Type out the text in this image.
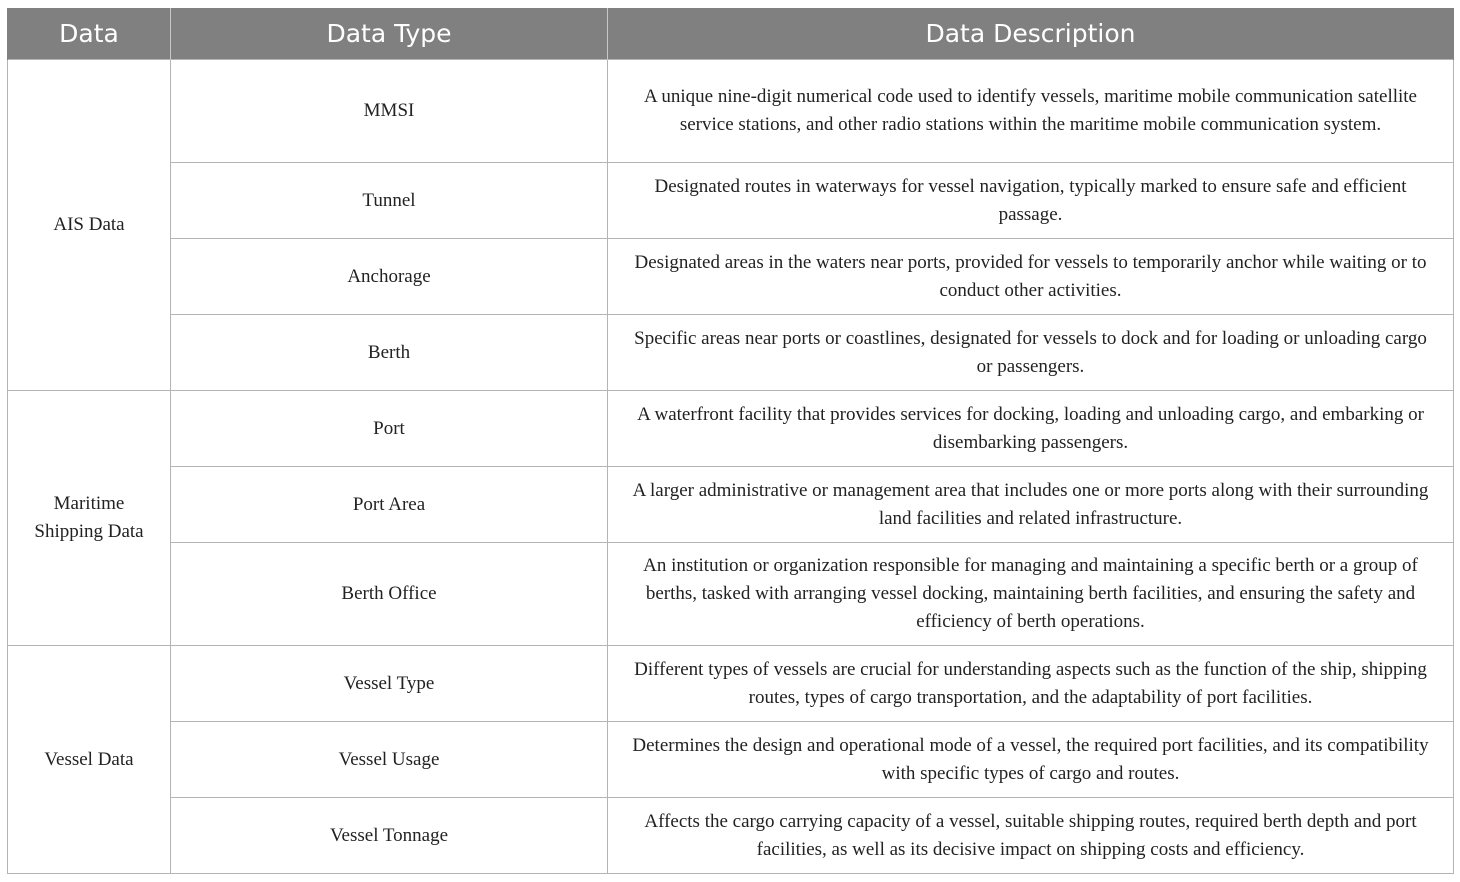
Data	Data Type	Data Description
AIS Data	MMSI	A unique nine-digit numerical code used to identify vessels, maritime mobile communication satellite service stations, and other radio stations within the maritime mobile communication system.
	Tunnel	Designated routes in waterways for vessel navigation, typically marked to ensure safe and efficient passage.
	Anchorage	Designated areas in the waters near ports, provided for vessels to temporarily anchor while waiting or to conduct other activities.
	Berth	Specific areas near ports or coastlines, designated for vessels to dock and for loading or unloading cargo or passengers.
Maritime Shipping Data	Port	A waterfront facility that provides services for docking, loading and unloading cargo, and embarking or disembarking passengers.
	Port Area	A larger administrative or management area that includes one or more ports along with their surrounding land facilities and related infrastructure.
	Berth Office	An institution or organization responsible for managing and maintaining a specific berth or a group of berths, tasked with arranging vessel docking, maintaining berth facilities, and ensuring the safety and efficiency of berth operations.
Vessel Data	Vessel Type	Different types of vessels are crucial for understanding aspects such as the function of the ship, shipping routes, types of cargo transportation, and the adaptability of port facilities.
	Vessel Usage	Determines the design and operational mode of a vessel, the required port facilities, and its compatibility with specific types of cargo and routes.
	Vessel Tonnage	Affects the cargo carrying capacity of a vessel, suitable shipping routes, required berth depth and port facilities, as well as its decisive impact on shipping costs and efficiency.
